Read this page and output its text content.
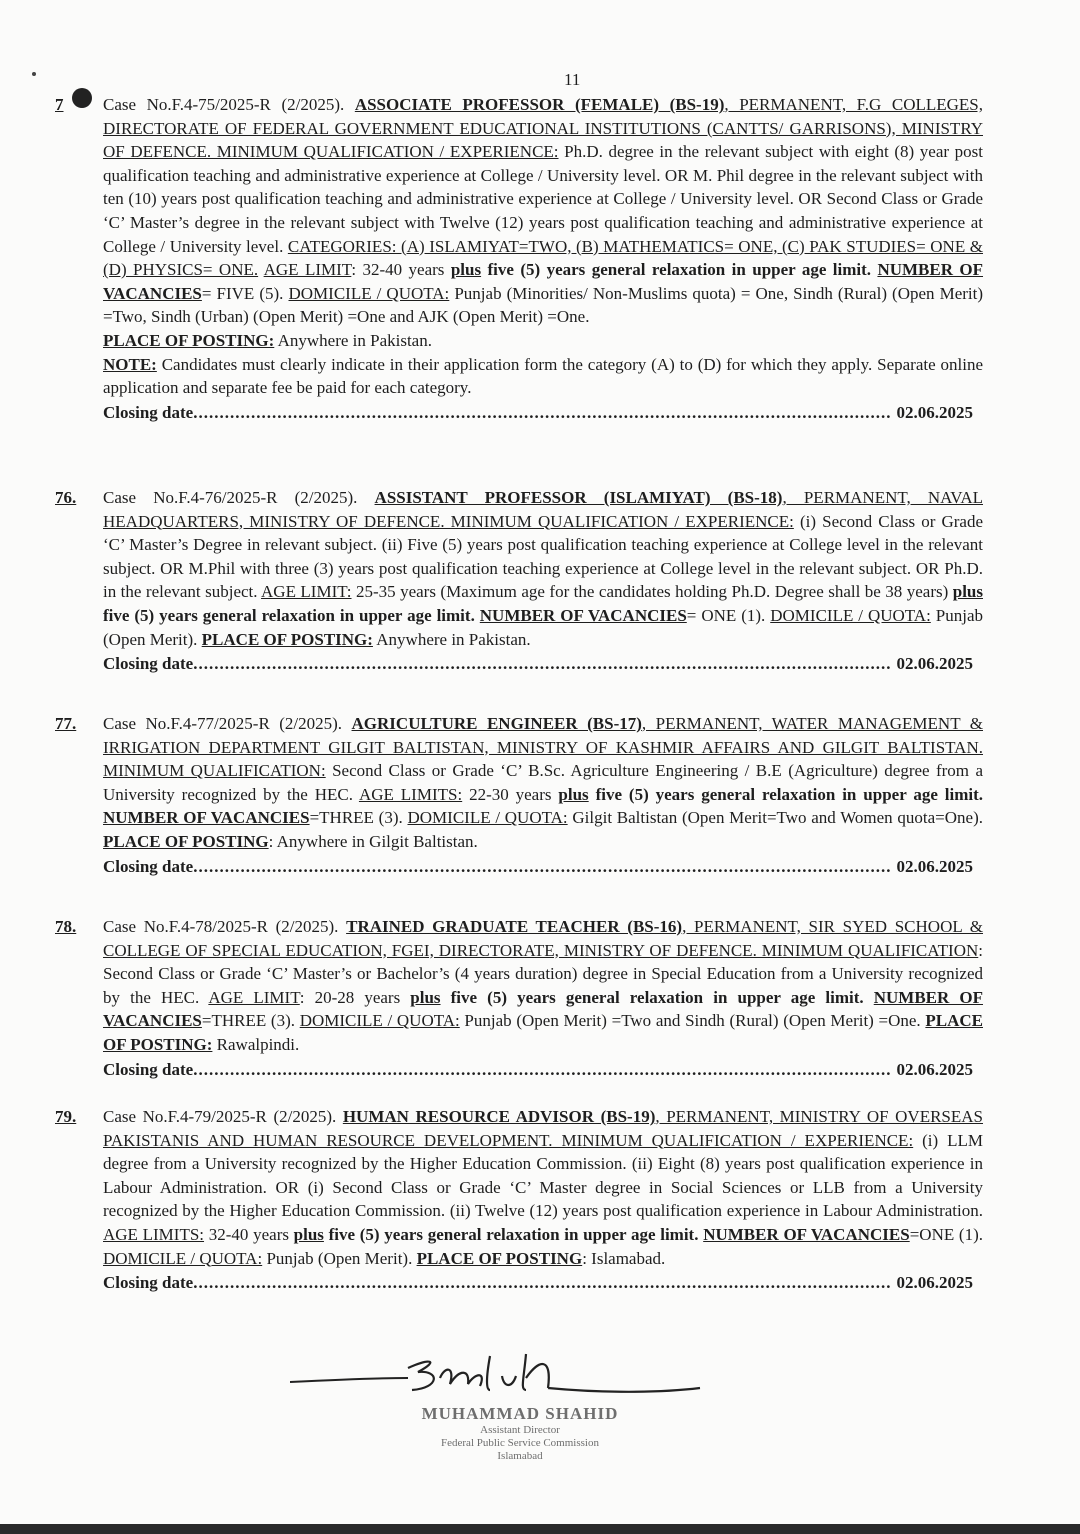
11
7 Case No.F.4-75/2025-R (2/2025). ASSOCIATE PROFESSOR (FEMALE) (BS-19), PERMANENT, F.G COLLEGES, DIRECTORATE OF FEDERAL GOVERNMENT EDUCATIONAL INSTITUTIONS (CANTTS/ GARRISONS), MINISTRY OF DEFENCE. MINIMUM QUALIFICATION / EXPERIENCE: Ph.D. degree in the relevant subject with eight (8) year post qualification teaching and administrative experience at College / University level. OR M. Phil degree in the relevant subject with ten (10) years post qualification teaching and administrative experience at College / University level. OR Second Class or Grade ‘C’ Master’s degree in the relevant subject with Twelve (12) years post qualification teaching and administrative experience at College / University level. CATEGORIES: (A) ISLAMIYAT=TWO, (B) MATHEMATICS= ONE, (C) PAK STUDIES= ONE & (D) PHYSICS= ONE. AGE LIMIT: 32-40 years plus five (5) years general relaxation in upper age limit. NUMBER OF VACANCIES= FIVE (5). DOMICILE / QUOTA: Punjab (Minorities/ Non-Muslims quota) = One, Sindh (Rural) (Open Merit) =Two, Sindh (Urban) (Open Merit) =One and AJK (Open Merit) =One.
PLACE OF POSTING: Anywhere in Pakistan.
NOTE: Candidates must clearly indicate in their application form the category (A) to (D) for which they apply. Separate online application and separate fee be paid for each category.

Closing date .....	02.06.2025
76. Case No.F.4-76/2025-R (2/2025). ASSISTANT PROFESSOR (ISLAMIYAT) (BS-18), PERMANENT, NAVAL HEADQUARTERS, MINISTRY OF DEFENCE. MINIMUM QUALIFICATION / EXPERIENCE: (i) Second Class or Grade ‘C’ Master’s Degree in relevant subject. (ii) Five (5) years post qualification teaching experience at College level in the relevant subject. OR M.Phil with three (3) years post qualification teaching experience at College level in the relevant subject. OR Ph.D. in the relevant subject. AGE LIMIT: 25-35 years (Maximum age for the candidates holding Ph.D. Degree shall be 38 years) plus five (5) years general relaxation in upper age limit. NUMBER OF VACANCIES= ONE (1). DOMICILE / QUOTA: Punjab (Open Merit). PLACE OF POSTING: Anywhere in Pakistan.

Closing date .....	02.06.2025
77. Case No.F.4-77/2025-R (2/2025). AGRICULTURE ENGINEER (BS-17), PERMANENT, WATER MANAGEMENT & IRRIGATION DEPARTMENT GILGIT BALTISTAN, MINISTRY OF KASHMIR AFFAIRS AND GILGIT BALTISTAN. MINIMUM QUALIFICATION: Second Class or Grade ‘C’ B.Sc. Agriculture Engineering / B.E (Agriculture) degree from a University recognized by the HEC. AGE LIMITS: 22-30 years plus five (5) years general relaxation in upper age limit. NUMBER OF VACANCIES=THREE (3). DOMICILE / QUOTA: Gilgit Baltistan (Open Merit=Two and Women quota=One). PLACE OF POSTING: Anywhere in Gilgit Baltistan.

Closing date .....	02.06.2025
78. Case No.F.4-78/2025-R (2/2025). TRAINED GRADUATE TEACHER (BS-16), PERMANENT, SIR SYED SCHOOL & COLLEGE OF SPECIAL EDUCATION, FGEI, DIRECTORATE, MINISTRY OF DEFENCE. MINIMUM QUALIFICATION: Second Class or Grade ‘C’ Master’s or Bachelor’s (4 years duration) degree in Special Education from a University recognized by the HEC. AGE LIMIT: 20-28 years plus five (5) years general relaxation in upper age limit. NUMBER OF VACANCIES=THREE (3). DOMICILE / QUOTA: Punjab (Open Merit) =Two and Sindh (Rural) (Open Merit) =One. PLACE OF POSTING: Rawalpindi.

Closing date .....	02.06.2025
79. Case No.F.4-79/2025-R (2/2025). HUMAN RESOURCE ADVISOR (BS-19), PERMANENT, MINISTRY OF OVERSEAS PAKISTANIS AND HUMAN RESOURCE DEVELOPMENT. MINIMUM QUALIFICATION / EXPERIENCE: (i) LLM degree from a University recognized by the Higher Education Commission. (ii) Eight (8) years post qualification experience in Labour Administration. OR (i) Second Class or Grade ‘C’ Master degree in Social Sciences or LLB from a University recognized by the Higher Education Commission. (ii) Twelve (12) years post qualification experience in Labour Administration. AGE LIMITS: 32-40 years plus five (5) years general relaxation in upper age limit. NUMBER OF VACANCIES=ONE (1). DOMICILE / QUOTA: Punjab (Open Merit). PLACE OF POSTING: Islamabad.

Closing date .....	02.06.2025
MUHAMMAD SHAHID
Assistant Director
Federal Public Service Commission
Islamabad
